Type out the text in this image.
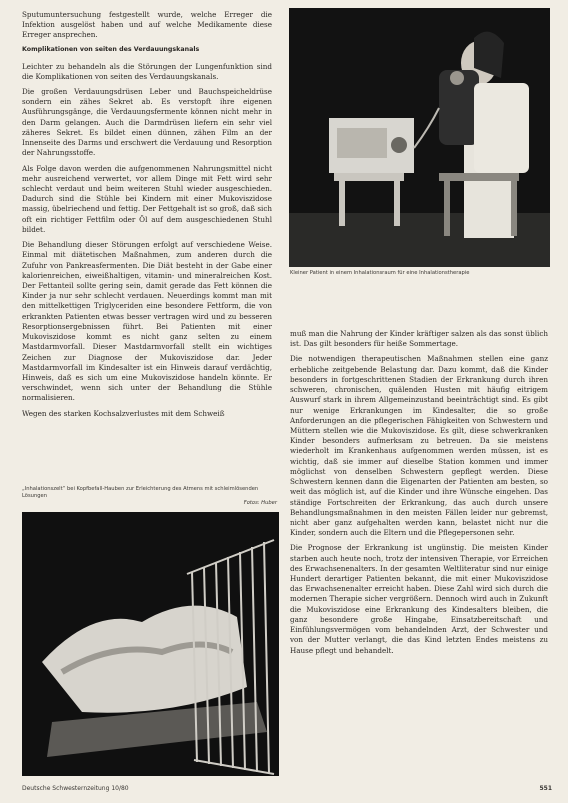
Sputumuntersuchung festgestellt wurde, welche Erreger die Infektion ausgelöst haben und auf welche Medikamente diese Erreger ansprechen.

Komplikationen von seiten des Verdauungskanals

Leichter zu behandeln als die Störungen der Lungenfunktion sind die Komplikationen von seiten des Verdauungskanals.

Die großen Verdauungsdrüsen Leber und Bauchspeicheldrüse sondern ein zähes Sekret ab. Es verstopft ihre eigenen Ausführungsgänge, die Verdauungsfermente können nicht mehr in den Darm gelangen. Auch die Darmdrüsen liefern ein sehr viel zäheres Sekret. Es bildet einen dünnen, zähen Film an der Innenseite des Darms und erschwert die Verdauung und Resorption der Nahrungsstoffe.

Als Folge davon werden die aufgenommenen Nahrungsmittel nicht mehr ausreichend verwertet, vor allem Dinge mit Fett wird sehr schlecht verdaut und beim weiteren Stuhl wieder ausgeschieden. Dadurch sind die Stühle bei Kindern mit einer Mukoviszidose massig, übelriechend und fettig. Der Fettgehalt ist so groß, daß sich oft ein richtiger Fettfilm oder Öl auf dem ausgeschiedenen Stuhl bildet.

Die Behandlung dieser Störungen erfolgt auf verschiedene Weise. Einmal mit diätetischen Maßnahmen, zum anderen durch die Zufuhr von Pankreasfermenten. Die Diät besteht in der Gabe einer kalorienreichen, eiweißhaltigen, vitamin- und mineralreichen Kost. Der Fettanteil sollte gering sein, damit gerade das Fett können die Kinder ja nur sehr schlecht verdauen. Neuerdings kommt man mit den mittelkettigen Triglyceriden eine besondere Fettform, die von erkrankten Patienten etwas besser vertragen wird und zu besseren Resorptionsergebnissen führt. Bei Patienten mit einer Mukoviszidose kommt es nicht ganz selten zu einem Mastdarmvorfall. Dieser Mastdarmvorfall stellt ein wichtiges Zeichen zur Diagnose der Mukoviszidose dar. Jeder Mastdarmvorfall im Kindesalter ist ein Hinweis darauf verdächtig, Hinweis, daß es sich um eine Mukoviszidose handeln könnte. Er verschwindet, wenn sich unter der Behandlung die Stühle normalisieren.

Wegen des starken Kochsalzverlustes mit dem Schweiß

Kleiner Patient in einem Inhalationsraum für eine Inhalationstherapie

muß man die Nahrung der Kinder kräftiger salzen als das sonst üblich ist. Das gilt besonders für heiße Sommertage.

Die notwendigen therapeutischen Maßnahmen stellen eine ganz erhebliche zeitgebende Belastung dar. Dazu kommt, daß die Kinder besonders in fortgeschrittenen Stadien der Erkrankung durch ihren schweren, chronischen, quälenden Husten mit häufig eitrigem Auswurf stark in ihrem Allgemeinzustand beeinträchtigt sind. Es gibt nur wenige Erkrankungen im Kindesalter, die so große Anforderungen an die pflegerischen Fähigkeiten von Schwestern und Müttern stellen wie die Mukoviszidose. Es gilt, diese schwerkranken Kinder besonders aufmerksam zu betreuen. Da sie meistens wiederholt im Krankenhaus aufgenommen werden müssen, ist es wichtig, daß sie immer auf dieselbe Station kommen und immer möglichst von denselben Schwestern gepflegt werden. Diese Schwestern kennen dann die Eigenarten der Patienten am besten, so weit das möglich ist, auf die Kinder und ihre Wünsche eingehen. Das ständige Fortschreiten der Erkrankung, das auch durch unsere Behandlungsmaßnahmen in den meisten Fällen leider nur gebremst, nicht aber ganz aufgehalten werden kann, belastet nicht nur die Kinder, sondern auch die Eltern und die Pflegepersonen sehr.

Die Prognose der Erkrankung ist ungünstig. Die meisten Kinder starben auch heute noch, trotz der intensiven Therapie, vor Erreichen des Erwachsenenalters. In der gesamten Weltliteratur sind nur einige Hundert derartiger Patienten bekannt, die mit einer Mukoviszidose das Erwachsenenalter erreicht haben. Diese Zahl wird sich durch die modernen Therapie sicher vergrößern. Dennoch wird auch in Zukunft die Mukoviszidose eine Erkrankung des Kindesalters bleiben, die ganz besondere große Hingabe, Einsatzbereitschaft und Einfühlungsvermögen vom behandelnden Arzt, der Schwester und von der Mutter verlangt, die das Kind letzten Endes meistens zu Hause pflegt und behandelt.

„Inhalationszelt“ bei Kopfbefall-Hauben zur Erleichterung des Atmens mit schleimlösenden Lösungen
Fotos: Huber
Deutsche Schwesternzeitung 10/80	551
